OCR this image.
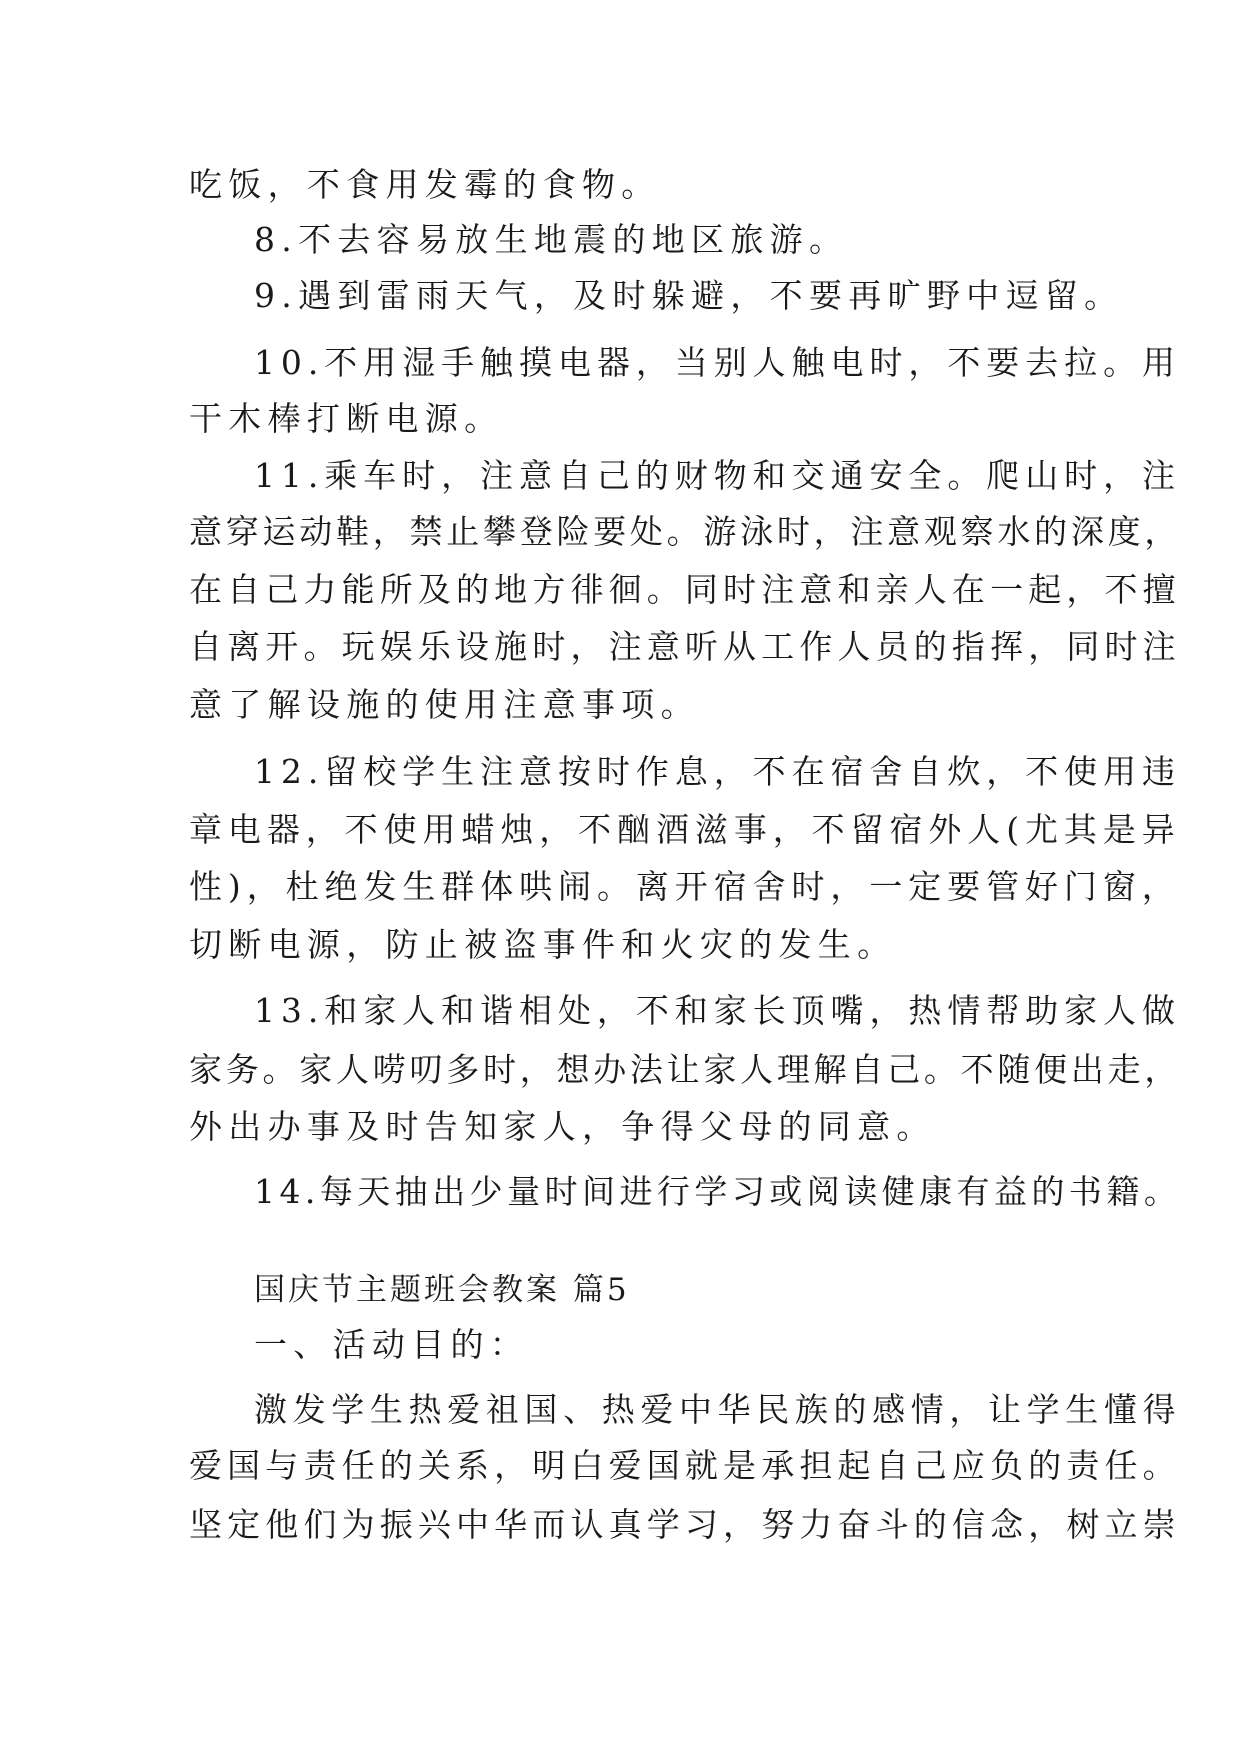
吃饭，不食用发霉的食物。
8.不去容易放生地震的地区旅游。
9.遇到雷雨天气，及时躲避，不要再旷野中逗留。
10.不用湿手触摸电器，当别人触电时，不要去拉。用
干木棒打断电源。
11.乘车时，注意自己的财物和交通安全。爬山时，注
意穿运动鞋，禁止攀登险要处。游泳时，注意观察水的深度，
在自己力能所及的地方徘徊。同时注意和亲人在一起，不擅
自离开。玩娱乐设施时，注意听从工作人员的指挥，同时注
意了解设施的使用注意事项。
12.留校学生注意按时作息，不在宿舍自炊，不使用违
章电器，不使用蜡烛，不酗酒滋事，不留宿外人(尤其是异
性)，杜绝发生群体哄闹。离开宿舍时，一定要管好门窗，
切断电源，防止被盗事件和火灾的发生。
13.和家人和谐相处，不和家长顶嘴，热情帮助家人做
家务。家人唠叨多时，想办法让家人理解自己。不随便出走，
外出办事及时告知家人，争得父母的同意。
14.每天抽出少量时间进行学习或阅读健康有益的书籍。
国庆节主题班会教案 篇5
一、活动目的：
激发学生热爱祖国、热爱中华民族的感情，让学生懂得
爱国与责任的关系，明白爱国就是承担起自己应负的责任。
坚定他们为振兴中华而认真学习，努力奋斗的信念，树立崇
